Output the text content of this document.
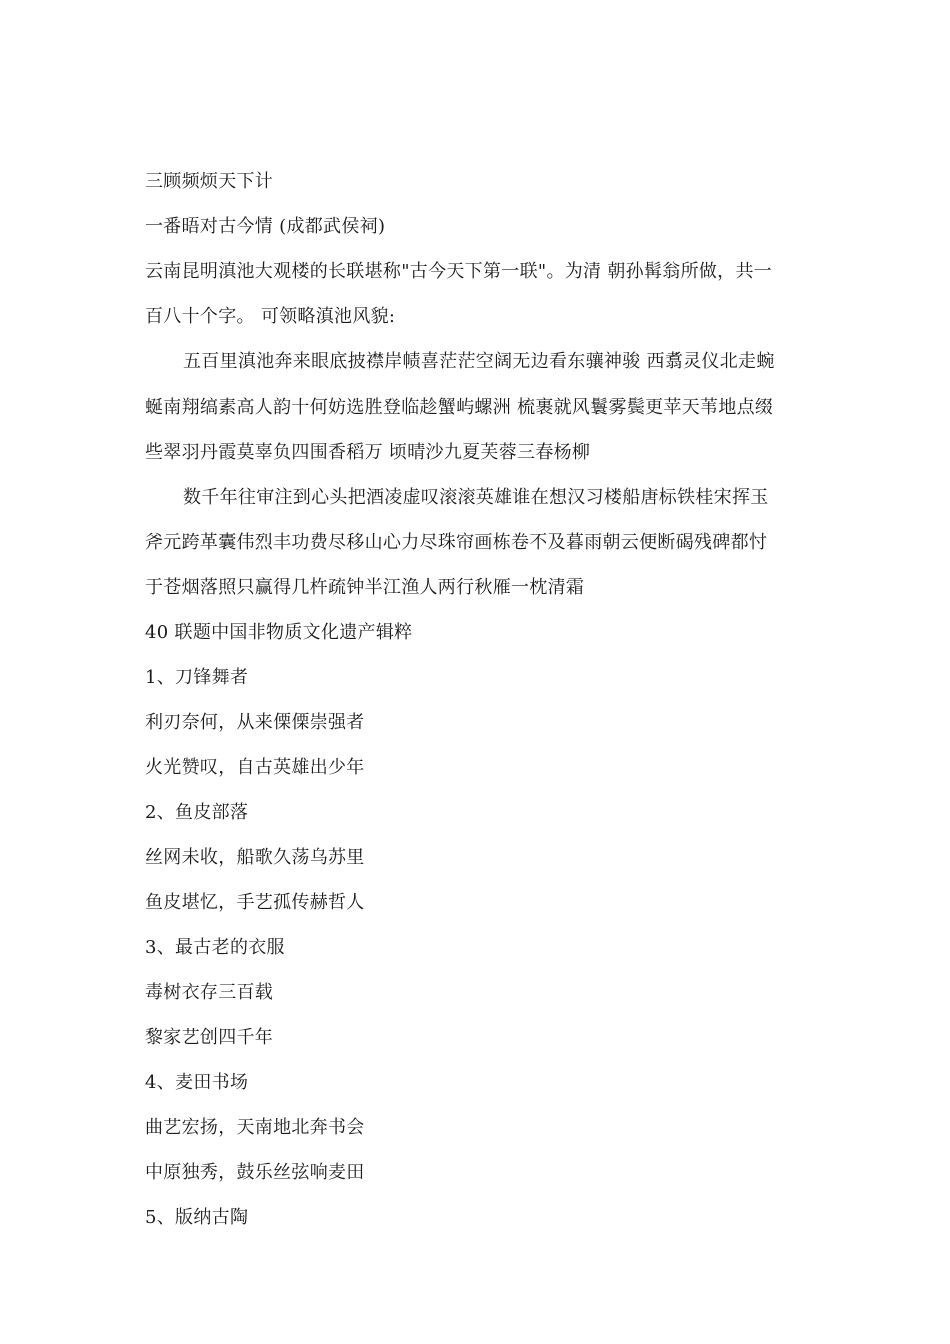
三顾频烦天下计
一番晤对古今情 (成都武侯祠)
云南昆明滇池大观楼的长联堪称"古今天下第一联"。为清 朝孙髯翁所做，共一
百八十个字。 可领略滇池风貌:
五百里滇池奔来眼底披襟岸帻喜茫茫空阔无边看东骧神骏 西翥灵仪北走蜿
蜒南翔缟素高人韵十何妨选胜登临趁蟹屿螺洲 梳裹就风鬟雾鬓更苹天苇地点缀
些翠羽丹霞莫辜负四围香稻万 顷晴沙九夏芙蓉三春杨柳
数千年往审注到心头把酒凌虚叹滚滚英雄谁在想汉习楼船唐标铁桂宋挥玉
斧元跨革囊伟烈丰功费尽移山心力尽珠帘画栋卷不及暮雨朝云便断碣残碑都忖
于苍烟落照只赢得几杵疏钟半江渔人两行秋雁一枕清霜
40 联题中国非物质文化遗产辑粹
1、刀锋舞者
利刃奈何，从来傈傈崇强者
火光赞叹，自古英雄出少年
2、鱼皮部落
丝网未收，船歌久荡乌苏里
鱼皮堪忆，手艺孤传赫哲人
3、最古老的衣服
毒树衣存三百载
黎家艺创四千年
4、麦田书场
曲艺宏扬，天南地北奔书会
中原独秀，鼓乐丝弦响麦田
5、版纳古陶
